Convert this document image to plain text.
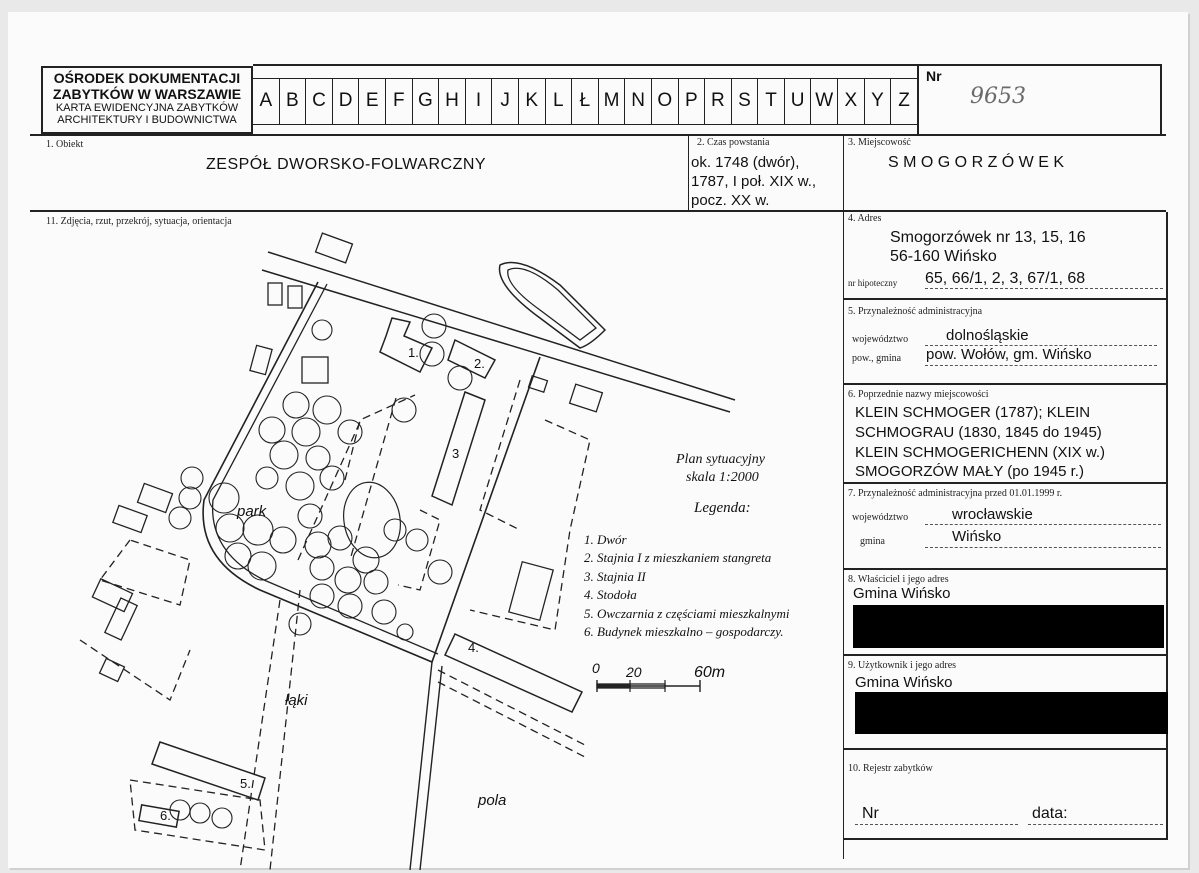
OŚRODEK DOKUMENTACJI
ZABYTKÓW W WARSZAWIE
KARTA EWIDENCYJNA ZABYTKÓW
ARCHITEKTURY I BUDOWNICTWA
A B C D E F G H I	J K L Ł M N O P R S T U W X Y Z
Nr
9653
1. Obiekt
ZESPÓŁ DWORSKO-FOLWARCZNY
2. Czas powstania
ok. 1748 (dwór),
1787, I poł. XIX w.,
pocz. XX w.
3. Miejscowość
S M O G O R Z Ó W E K
11. Zdjęcia, rzut, przekrój, sytuacja, orientacja	4. Adres
Smogorzówek nr 13, 15, 16
56-160 Wińsko
nr hipoteczny 65, 66/1, 2, 3, 67/1, 68
5. Przynależność administracyjna
województwo	dolnośląskie
pow., gmina pow. Wołów, gm. Wińsko
6. Poprzednie nazwy miejscowości
KLEIN SCHMOGER (1787); KLEIN
SCHMOGRAU (1830, 1845 do 1945)
KLEIN SCHMOGERICHENN (XIX w.)
SMOGORZÓW MAŁY (po 1945 r.)
7. Przynależność administracyjna przed 01.01.1999 r.
województwo	wrocławskie
gmina	Wińsko
8. Właściciel i jego adres
Gmina Wińsko
9. Użytkownik i jego adres
Gmina Wińsko
10. Rejestr zabytków
Nr	data:
Plan sytuacyjny
skala 1:2000
Legenda:
1. Dwór
2. Stajnia I z mieszkaniem stangreta
3. Stajnia II
4. Stodoła
5. Owczarnia z częściami mieszkalnymi
6. Budynek mieszkalno – gospodarczy.
0 20	60m
park
łąki
pola
1.
2.
3
4.
5.
6.
